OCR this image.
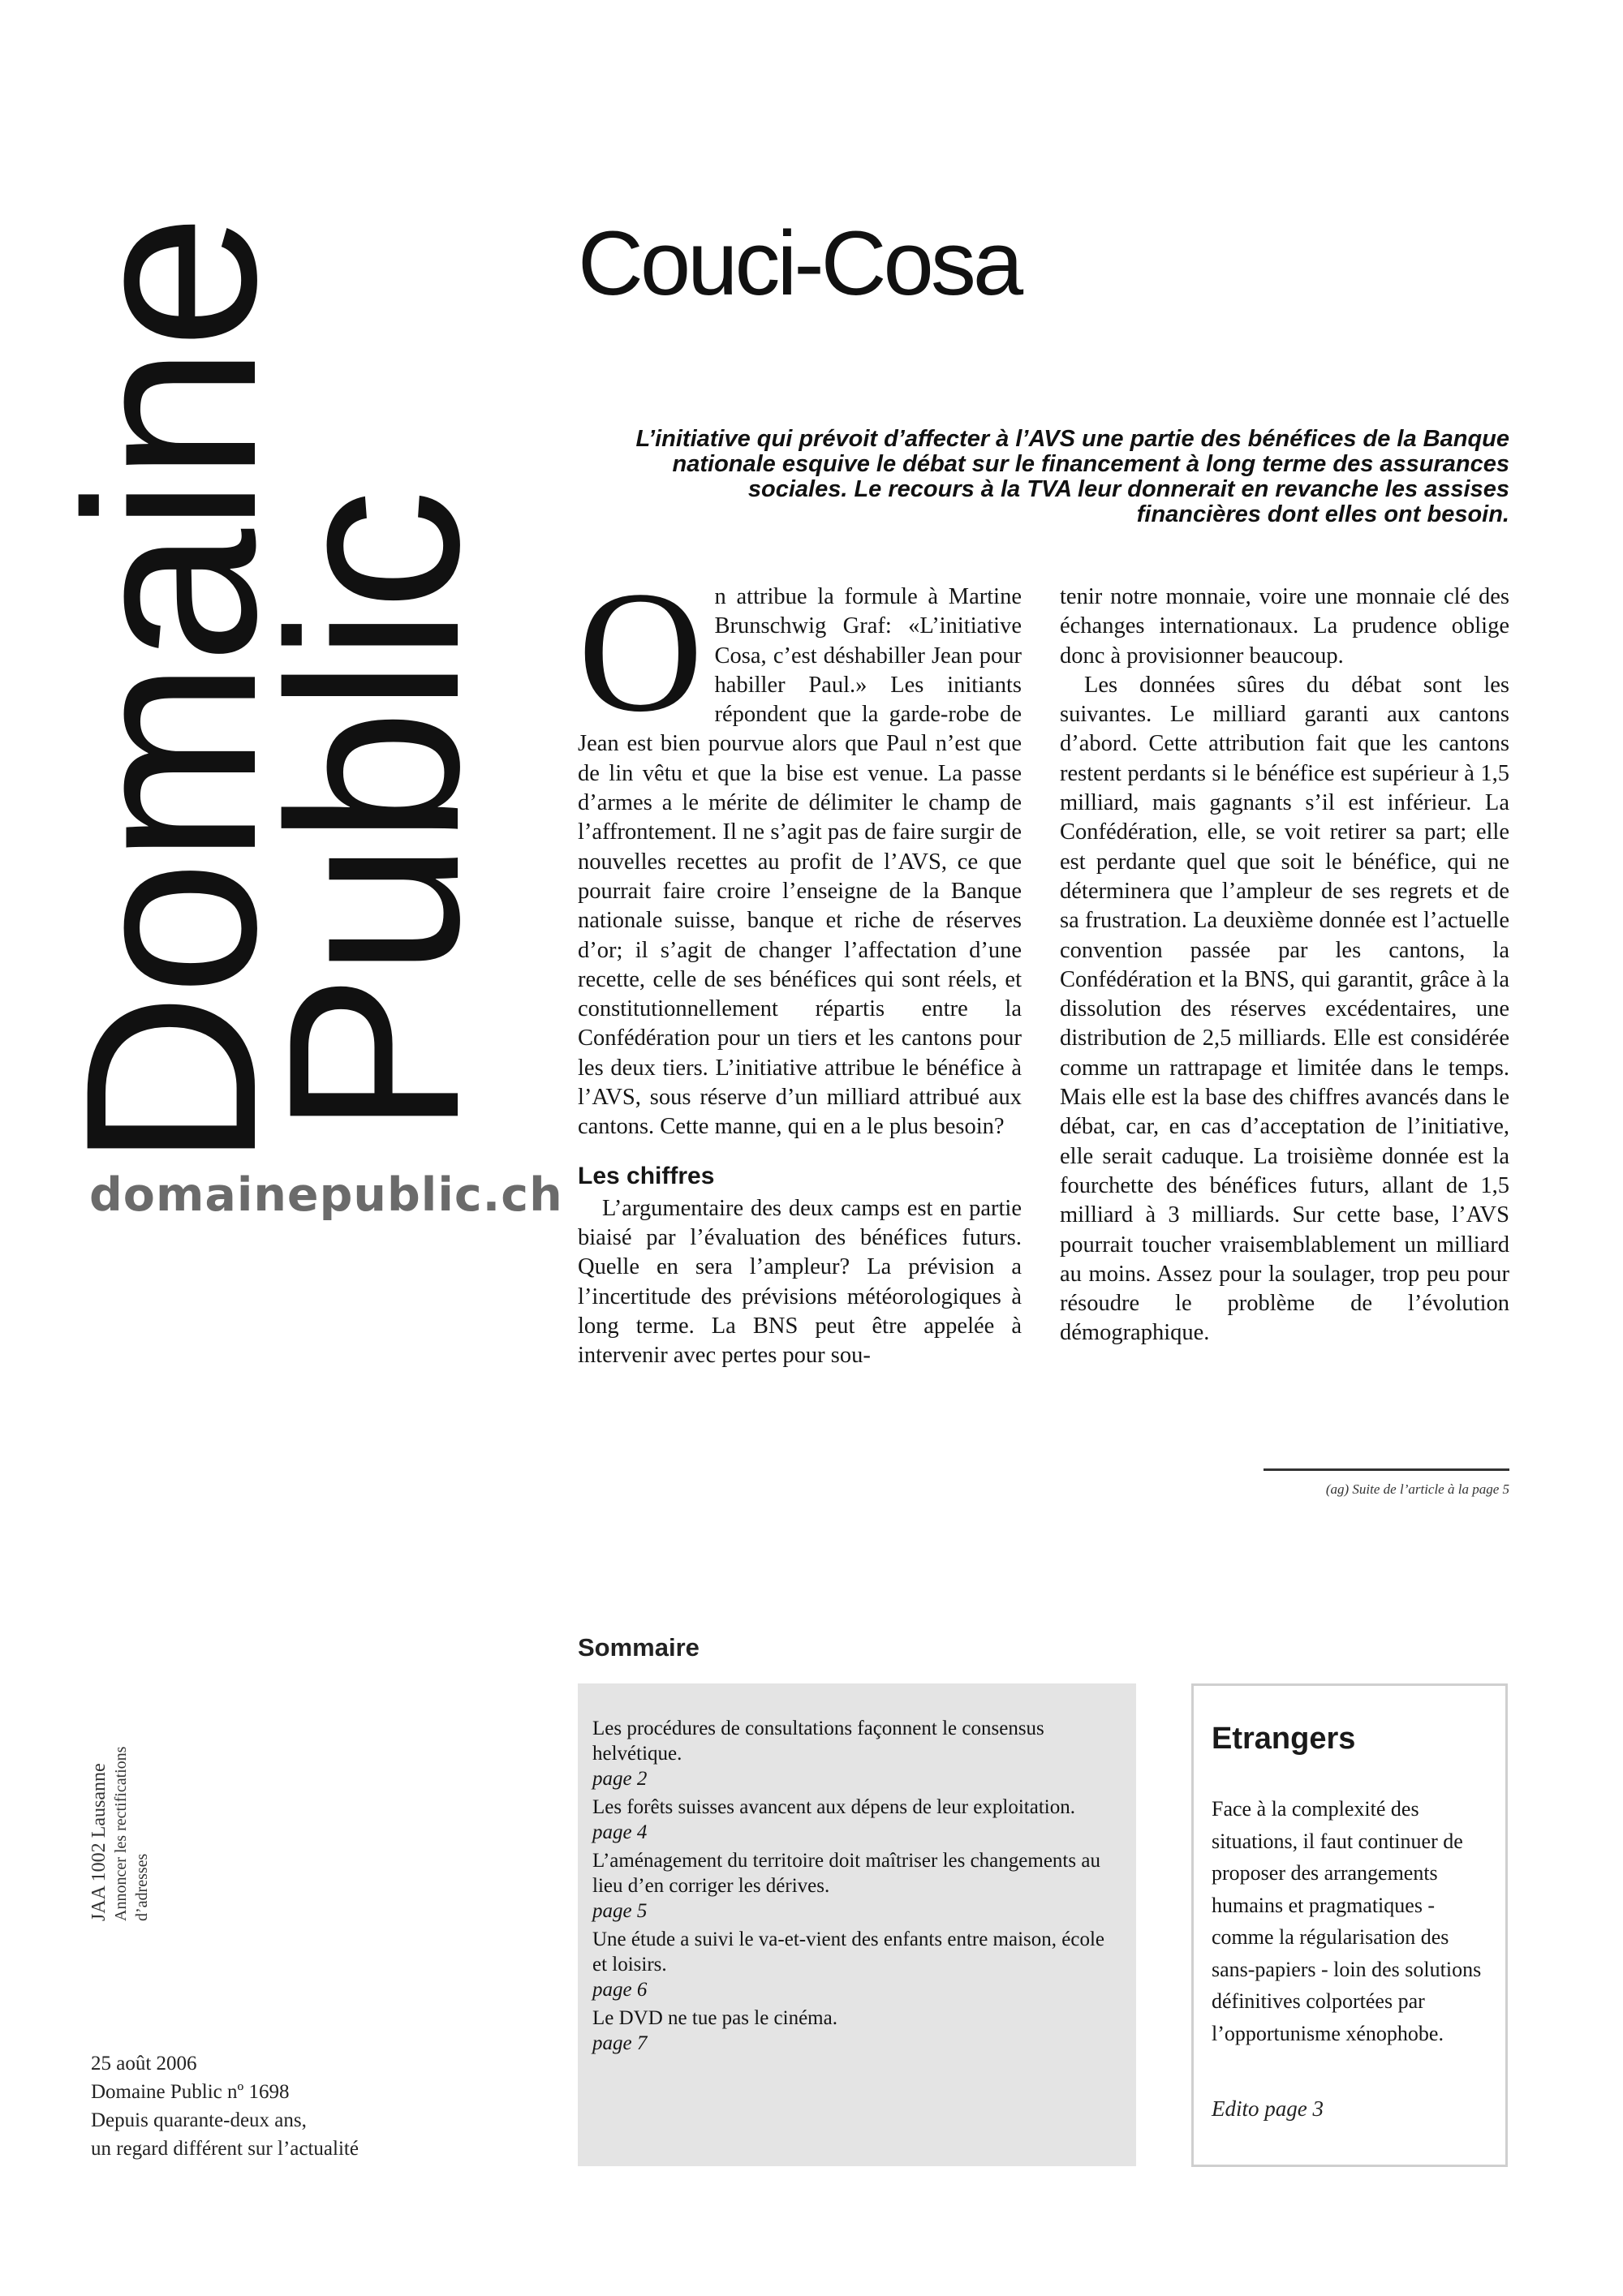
Domaine
Public
domainepublic.ch
Couci-Cosa
L’initiative qui prévoit d’affecter à l’AVS une partie des bénéfices de la Banque nationale esquive le débat sur le financement à long terme des assurances sociales. Le recours à la TVA leur donnerait en revanche les assises financières dont elles ont besoin.
O n attribue la formule à Martine Brunschwig Graf: «L’initiative Cosa, c’est déshabiller Jean pour habiller Paul.» Les initiants répondent que la garde-robe de Jean est bien pourvue alors que Paul n’est que de lin vêtu et que la bise est venue. La passe d’armes a le mérite de délimiter le champ de l’affrontement. Il ne s’agit pas de faire surgir de nouvelles recettes au profit de l’AVS, ce que pourrait faire croire l’enseigne de la Banque nationale suisse, banque et riche de réserves d’or; il s’agit de changer l’affectation d’une recette, celle de ses bénéfices qui sont réels, et constitutionnellement répartis entre la Confédération pour un tiers et les cantons pour les deux tiers. L’initiative attribue le bénéfice à l’AVS, sous réserve d’un milliard attribué aux cantons. Cette manne, qui en a le plus besoin?

Les chiffres

L’argumentaire des deux camps est en partie biaisé par l’évaluation des bénéfices futurs. Quelle en sera l’ampleur? La prévision a l’incertitude des prévisions météorologiques à long terme. La BNS peut être appelée à intervenir avec pertes pour sou-

tenir notre monnaie, voire une monnaie clé des échanges internationaux. La prudence oblige donc à provisionner beaucoup.

Les données sûres du débat sont les suivantes. Le milliard garanti aux cantons d’abord. Cette attribution fait que les cantons restent perdants si le bénéfice est supérieur à 1,5 milliard, mais gagnants s’il est inférieur. La Confédération, elle, se voit retirer sa part; elle est perdante quel que soit le bénéfice, qui ne déterminera que l’ampleur de ses regrets et de sa frustration. La deuxième donnée est l’actuelle convention passée par les cantons, la Confédération et la BNS, qui garantit, grâce à la dissolution des réserves excédentaires, une distribution de 2,5 milliards. Elle est considérée comme un rattrapage et limitée dans le temps. Mais elle est la base des chiffres avancés dans le débat, car, en cas d’acceptation de l’initiative, elle serait caduque. La troisième donnée est la fourchette des bénéfices futurs, allant de 1,5 milliard à 3 milliards. Sur cette base, l’AVS pourrait toucher vraisemblablement un milliard au moins. Assez pour la soulager, trop peu pour résoudre le problème de l’évolution démographique.

(ag) Suite de l’article à la page 5
Sommaire
Les procédures de consultations façonnent le consensus helvétique.
page 2
Les forêts suisses avancent aux dépens de leur exploitation.
page 4
L’aménagement du territoire doit maîtriser les changements au lieu d’en corriger les dérives.
page 5
Une étude a suivi le va-et-vient des enfants entre maison, école et loisirs.
page 6
Le DVD ne tue pas le cinéma.
page 7
Etrangers
Face à la complexité des situations, il faut continuer de proposer des arrangements humains et pragmatiques - comme la régularisation des sans-papiers - loin des solutions définitives colportées par l’opportunisme xénophobe.
Edito page 3
JAA 1002 Lausanne Annoncer les rectifications d’adresses
25 août 2006
Domaine Public nº 1698
Depuis quarante-deux ans,
un regard différent sur l’actualité
